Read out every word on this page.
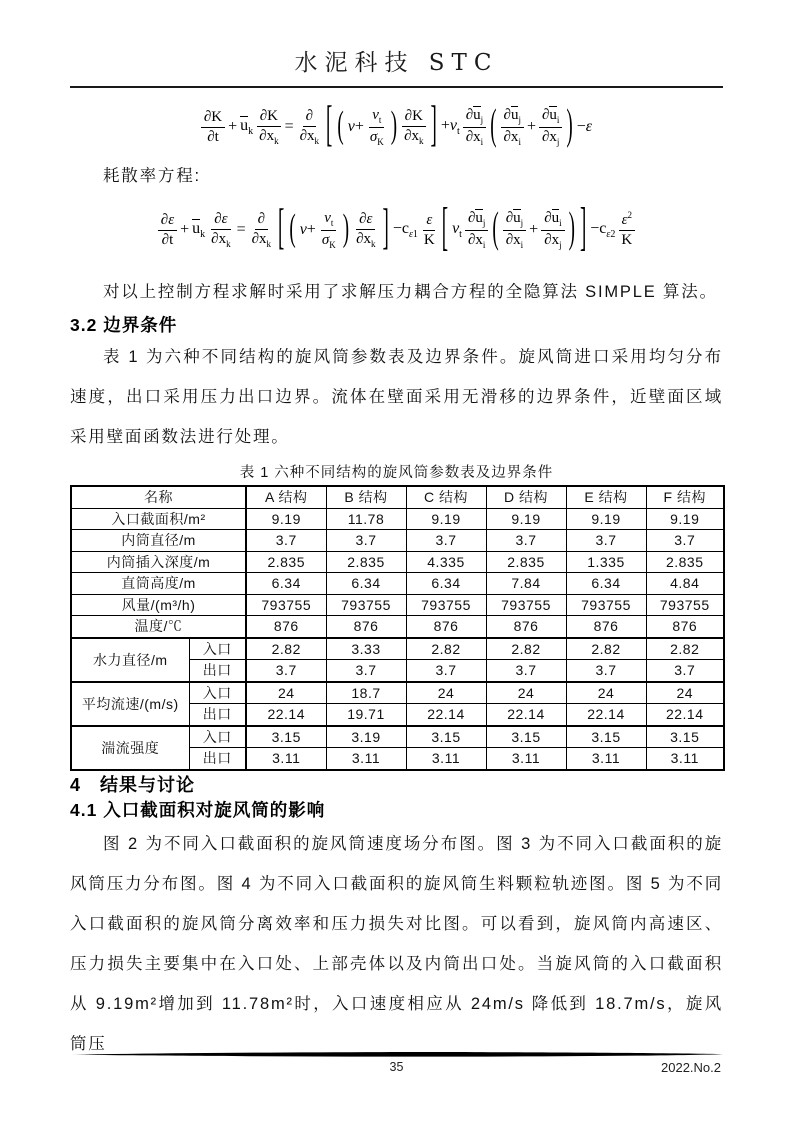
水泥科技 STC
∂K
∂t
+ $u_k \frac{\partial K}{\partial x_k}$ =
∂
$\partial x_k$ [ ( $\nu+ \frac{\nu_t}{\sigma_K}$ ) ∂K
$\partial x_k$ ] $+\nu_t$
$\partial u_j$
$\partial x_i$ ( $\partial u_j$
$\partial x_i$
+ $\frac{\partial u_i}{\partial x_j}$ ) −ε

耗散率方程:

∂ε
∂t
+ $u_k \frac{\partial\varepsilon}{\partial x_k}$ =
∂
$\partial x_k$ [ ( $\nu+ \frac{\nu_t}{\sigma_K}$ ) ∂ε
$\partial x_k$ ] $-c_{\varepsilon 1}$
ε
K [ $\nu_t$
$\partial u_j$
$\partial x_i$ ( $\partial u_j$
$\partial x_i$
+ $\frac{\partial u_i}{\partial x_j}$ ) ] $-c_{\varepsilon 2}$
$\varepsilon^2$
K

对以上控制方程求解时采用了求解压力耦合方程的全隐算法 SIMPLE 算法。

3.2 边界条件

表 1 为六种不同结构的旋风筒参数表及边界条件。旋风筒进口采用均匀分布速度，出口采用压力出口边界。流体在壁面采用无滑移的边界条件，近壁面区域采用壁面函数法进行处理。

表 1 六种不同结构的旋风筒参数表及边界条件
名称		A 结构	B 结构	C 结构	D 结构	E 结构	F 结构
入口截面积/m²		9.19	11.78	9.19	9.19	9.19	9.19
内筒直径/m		3.7	3.7	3.7	3.7	3.7	3.7
内筒插入深度/m		2.835	2.835	4.335	2.835	1.335	2.835
直筒高度/m		6.34	6.34	6.34	7.84	6.34	4.84
风量/(m³/h)		793755	793755	793755	793755	793755	793755
温度/℃		876	876	876	876	876	876
水力直径/m	入口	2.82	3.33	2.82	2.82	2.82	2.82
	出口	3.7	3.7	3.7	3.7	3.7	3.7
平均流速/(m/s)	入口	24	18.7	24	24	24	24
	出口	22.14	19.71	22.14	22.14	22.14	22.14
湍流强度	入口	3.15	3.19	3.15	3.15	3.15	3.15
	出口	3.11	3.11	3.11	3.11	3.11	3.11
4　结果与讨论
4.1 入口截面积对旋风筒的影响

图 2 为不同入口截面积的旋风筒速度场分布图。图 3 为不同入口截面积的旋风筒压力分布图。图 4 为不同入口截面积的旋风筒生料颗粒轨迹图。图 5 为不同入口截面积的旋风筒分离效率和压力损失对比图。可以看到，旋风筒内高速区、压力损失主要集中在入口处、上部壳体以及内筒出口处。当旋风筒的入口截面积从 9.19m²增加到 11.78m²时，入口速度相应从 24m/s 降低到 18.7m/s，旋风筒压

35	2022.No.2
